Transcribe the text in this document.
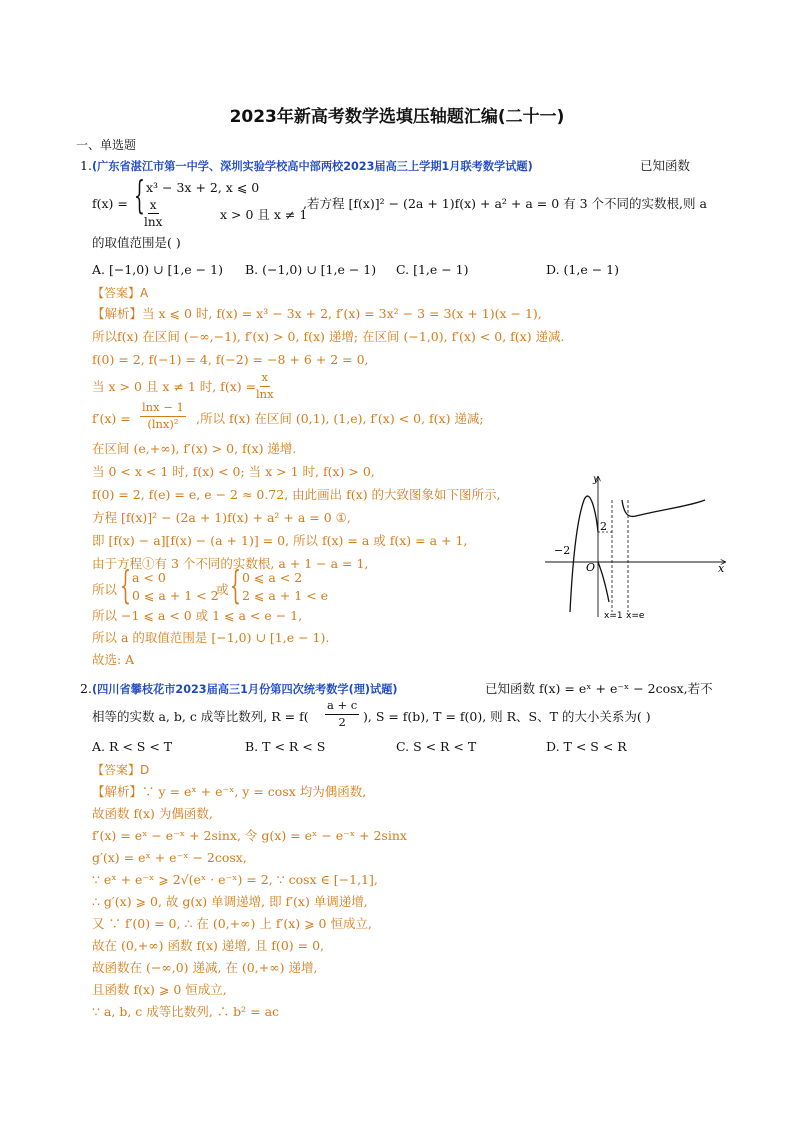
2023年新高考数学选填压轴题汇编(二十一)
一、单选题
1. (广东省湛江市第一中学、深圳实验学校高中部两校2023届高三上学期1月联考数学试题)	已知函数
f(x) = { x³ − 3x + 2, x ⩽ 0
$\frac{x}{\ln x}$	x > 0 且 x ≠ 1
,若方程 [f(x)]² − (2a + 1)f(x) + a² + a = 0 有 3 个不同的实数根,则 a
的取值范围是( )
A. [−1,0) ∪ [1,e − 1) B. (−1,0) ∪ [1,e − 1) C. [1,e − 1)	D. (1,e − 1)
【答案】A
【解析】当 x ⩽ 0 时, f(x) = x³ − 3x + 2, f′(x) = 3x² − 3 = 3(x + 1)(x − 1),
所以f(x) 在区间 (−∞,−1), f′(x) > 0, f(x) 递增; 在区间 (−1,0), f′(x) < 0, f(x) 递减.
f(0) = 2, f(−1) = 4, f(−2) = −8 + 6 + 2 = 0,
当 x > 0 且 x ≠ 1 时, $f(x) = \frac{x}{\ln x}$
$f'(x) = \frac{\ln x - 1}{\text{(lnx)²}}$ ,所以 f(x) 在区间 (0,1), (1,e), f′(x) < 0, f(x) 递减;
在区间 (e,+∞), f′(x) > 0, f(x) 递增.
当 0 < x < 1 时, f(x) < 0; 当 x > 1 时, f(x) > 0,
f(0) = 2, f(e) = e, e − 2 ≈ 0.72, 由此画出 f(x) 的大致图象如下图所示,
方程 [f(x)]² − (2a + 1)f(x) + a² + a = 0 ①,
即 [f(x) − a][f(x) − (a + 1)] = 0, 所以 f(x) = a 或 f(x) = a + 1,
由于方程①有 3 个不同的实数根, a + 1 − a = 1,
所以 { a < 0
0 ⩽ a + 1 < 2
或 { 0 ⩽ a < 2
2 ⩽ a + 1 < e
所以 −1 ⩽ a < 0 或 1 ⩽ a < e − 1,
所以 a 的取值范围是 [−1,0) ∪ [1,e − 1).
故选: A
y
x
O
−2
2
x=1 x=e
2. (四川省攀枝花市2023届高三1月份第四次统考数学(理)试题)	已知函数 f(x) = eˣ + e⁻ˣ − 2cosx,若不
相等的实数 a, b, c 成等比数列, $R = f( \frac{a + c}{2}$ ), S = f(b), T = f(0), 则 R、S、T 的大小关系为( )
A. R < S < T	B. T < R < S	C. S < R < T	D. T < S < R
【答案】D
【解析】∵ y = eˣ + e⁻ˣ, y = cosx 均为偶函数,
故函数 f(x) 为偶函数,
f′(x) = eˣ − e⁻ˣ + 2sinx, 令 g(x) = eˣ − e⁻ˣ + 2sinx
g′(x) = eˣ + e⁻ˣ − 2cosx,
∵ eˣ + e⁻ˣ ⩾ 2√(eˣ · e⁻ˣ) = 2, ∵ cosx ∈ [−1,1],
∴ g′(x) ⩾ 0, 故 g(x) 单调递增, 即 f′(x) 单调递增,
又 ∵ f′(0) = 0, ∴ 在 (0,+∞) 上 f′(x) ⩾ 0 恒成立,
故在 (0,+∞) 函数 f(x) 递增, 且 f(0) = 0,
故函数在 (−∞,0) 递减, 在 (0,+∞) 递增,
且函数 f(x) ⩾ 0 恒成立,
∵ a, b, c 成等比数列, ∴ b² = ac
